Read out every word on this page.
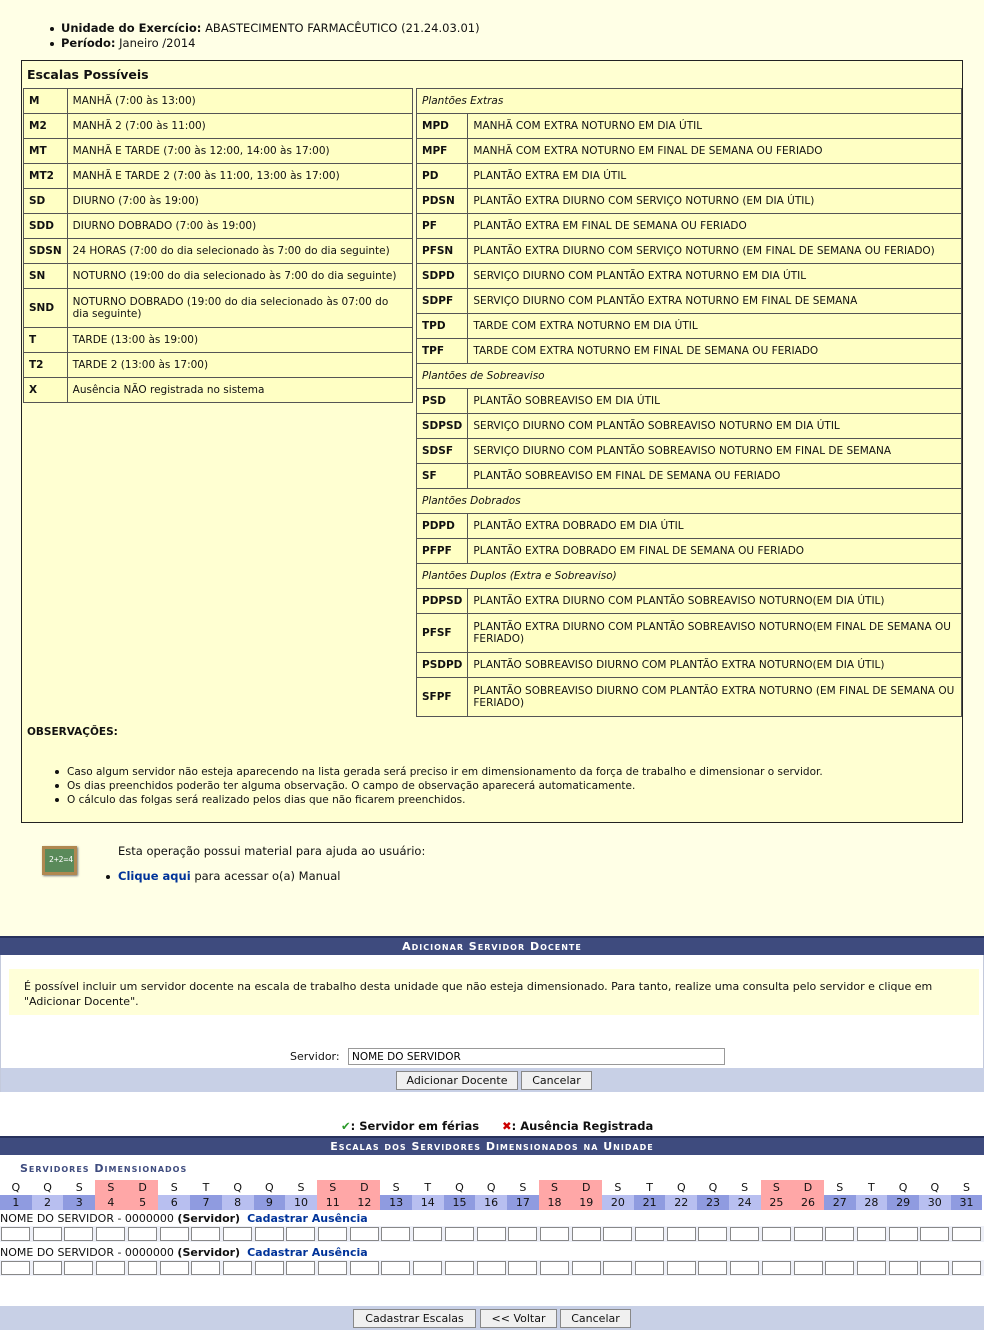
Unidade do Exercício: ABASTECIMENTO FARMACÊUTICO (21.24.03.01)
Período: Janeiro /2014
Escalas Possíveis
M	MANHÃ (7:00 às 13:00)
M2	MANHÃ 2 (7:00 às 11:00)
MT	MANHÃ E TARDE (7:00 às 12:00, 14:00 às 17:00)
MT2	MANHÃ E TARDE 2 (7:00 às 11:00, 13:00 às 17:00)
SD	DIURNO (7:00 às 19:00)
SDD	DIURNO DOBRADO (7:00 às 19:00)
SDSN	24 HORAS (7:00 do dia selecionado às 7:00 do dia seguinte)
SN	NOTURNO (19:00 do dia selecionado às 7:00 do dia seguinte)
SND	NOTURNO DOBRADO (19:00 do dia selecionado às 07:00 do dia seguinte)
T	TARDE (13:00 às 19:00)
T2	TARDE 2 (13:00 às 17:00)
X	Ausência NÃO registrada no sistema
Plantões Extras	
MPD	MANHÃ COM EXTRA NOTURNO EM DIA ÚTIL
MPF	MANHÃ COM EXTRA NOTURNO EM FINAL DE SEMANA OU FERIADO
PD	PLANTÃO EXTRA EM DIA ÚTIL
PDSN	PLANTÃO EXTRA DIURNO COM SERVIÇO NOTURNO (EM DIA ÚTIL)
PF	PLANTÃO EXTRA EM FINAL DE SEMANA OU FERIADO
PFSN	PLANTÃO EXTRA DIURNO COM SERVIÇO NOTURNO (EM FINAL DE SEMANA OU FERIADO)
SDPD	SERVIÇO DIURNO COM PLANTÃO EXTRA NOTURNO EM DIA ÚTIL
SDPF	SERVIÇO DIURNO COM PLANTÃO EXTRA NOTURNO EM FINAL DE SEMANA
TPD	TARDE COM EXTRA NOTURNO EM DIA ÚTIL
TPF	TARDE COM EXTRA NOTURNO EM FINAL DE SEMANA OU FERIADO
Plantões de Sobreaviso	
PSD	PLANTÃO SOBREAVISO EM DIA ÚTIL
SDPSD	SERVIÇO DIURNO COM PLANTÃO SOBREAVISO NOTURNO EM DIA ÚTIL
SDSF	SERVIÇO DIURNO COM PLANTÃO SOBREAVISO NOTURNO EM FINAL DE SEMANA
SF	PLANTÃO SOBREAVISO EM FINAL DE SEMANA OU FERIADO
Plantões Dobrados	
PDPD	PLANTÃO EXTRA DOBRADO EM DIA ÚTIL
PFPF	PLANTÃO EXTRA DOBRADO EM FINAL DE SEMANA OU FERIADO
Plantões Duplos (Extra e Sobreaviso)	
PDPSD	PLANTÃO EXTRA DIURNO COM PLANTÃO SOBREAVISO NOTURNO(EM DIA ÚTIL)
PFSF	PLANTÃO EXTRA DIURNO COM PLANTÃO SOBREAVISO NOTURNO(EM FINAL DE SEMANA OU FERIADO)
PSDPD	PLANTÃO SOBREAVISO DIURNO COM PLANTÃO EXTRA NOTURNO(EM DIA ÚTIL)
SFPF	PLANTÃO SOBREAVISO DIURNO COM PLANTÃO EXTRA NOTURNO (EM FINAL DE SEMANA OU FERIADO)
OBSERVAÇÕES:
Caso algum servidor não esteja aparecendo na lista gerada será preciso ir em dimensionamento da força de trabalho e dimensionar o servidor.
Os dias preenchidos poderão ter alguma observação. O campo de observação aparecerá automaticamente.
O cálculo das folgas será realizado pelos dias que não ficarem preenchidos.
2+2=4
Esta operação possui material para ajuda ao usuário:
Clique aqui para acessar o(a) Manual
Adicionar Servidor Docente
É possível incluir um servidor docente na escala de trabalho desta unidade que não esteja dimensionado. Para tanto, realize uma consulta pelo servidor e clique em "Adicionar Docente".
Servidor:
NOME DO SERVIDOR
Adicionar Docente	Cancelar
✔: Servidor em férias ✖: Ausência Registrada
Escalas dos Servidores Dimensionados na Unidade
Servidores Dimensionados
Q	Q	S	S	D	S	T	Q	Q	S	S	D	S	T	Q	Q	S	S	D	S	T	Q	Q	S	S	D	S	T	Q	Q	S
1	2	3	4	5	6	7	8	9	10	11	12	13	14	15	16	17	18	19	20	21	22	23	24	25	26	27	28	29	30	31
NOME DO SERVIDOR - 0000000 (Servidor) Cadastrar Ausência
NOME DO SERVIDOR - 0000000 (Servidor) Cadastrar Ausência
Cadastrar Escalas	<< Voltar	Cancelar
